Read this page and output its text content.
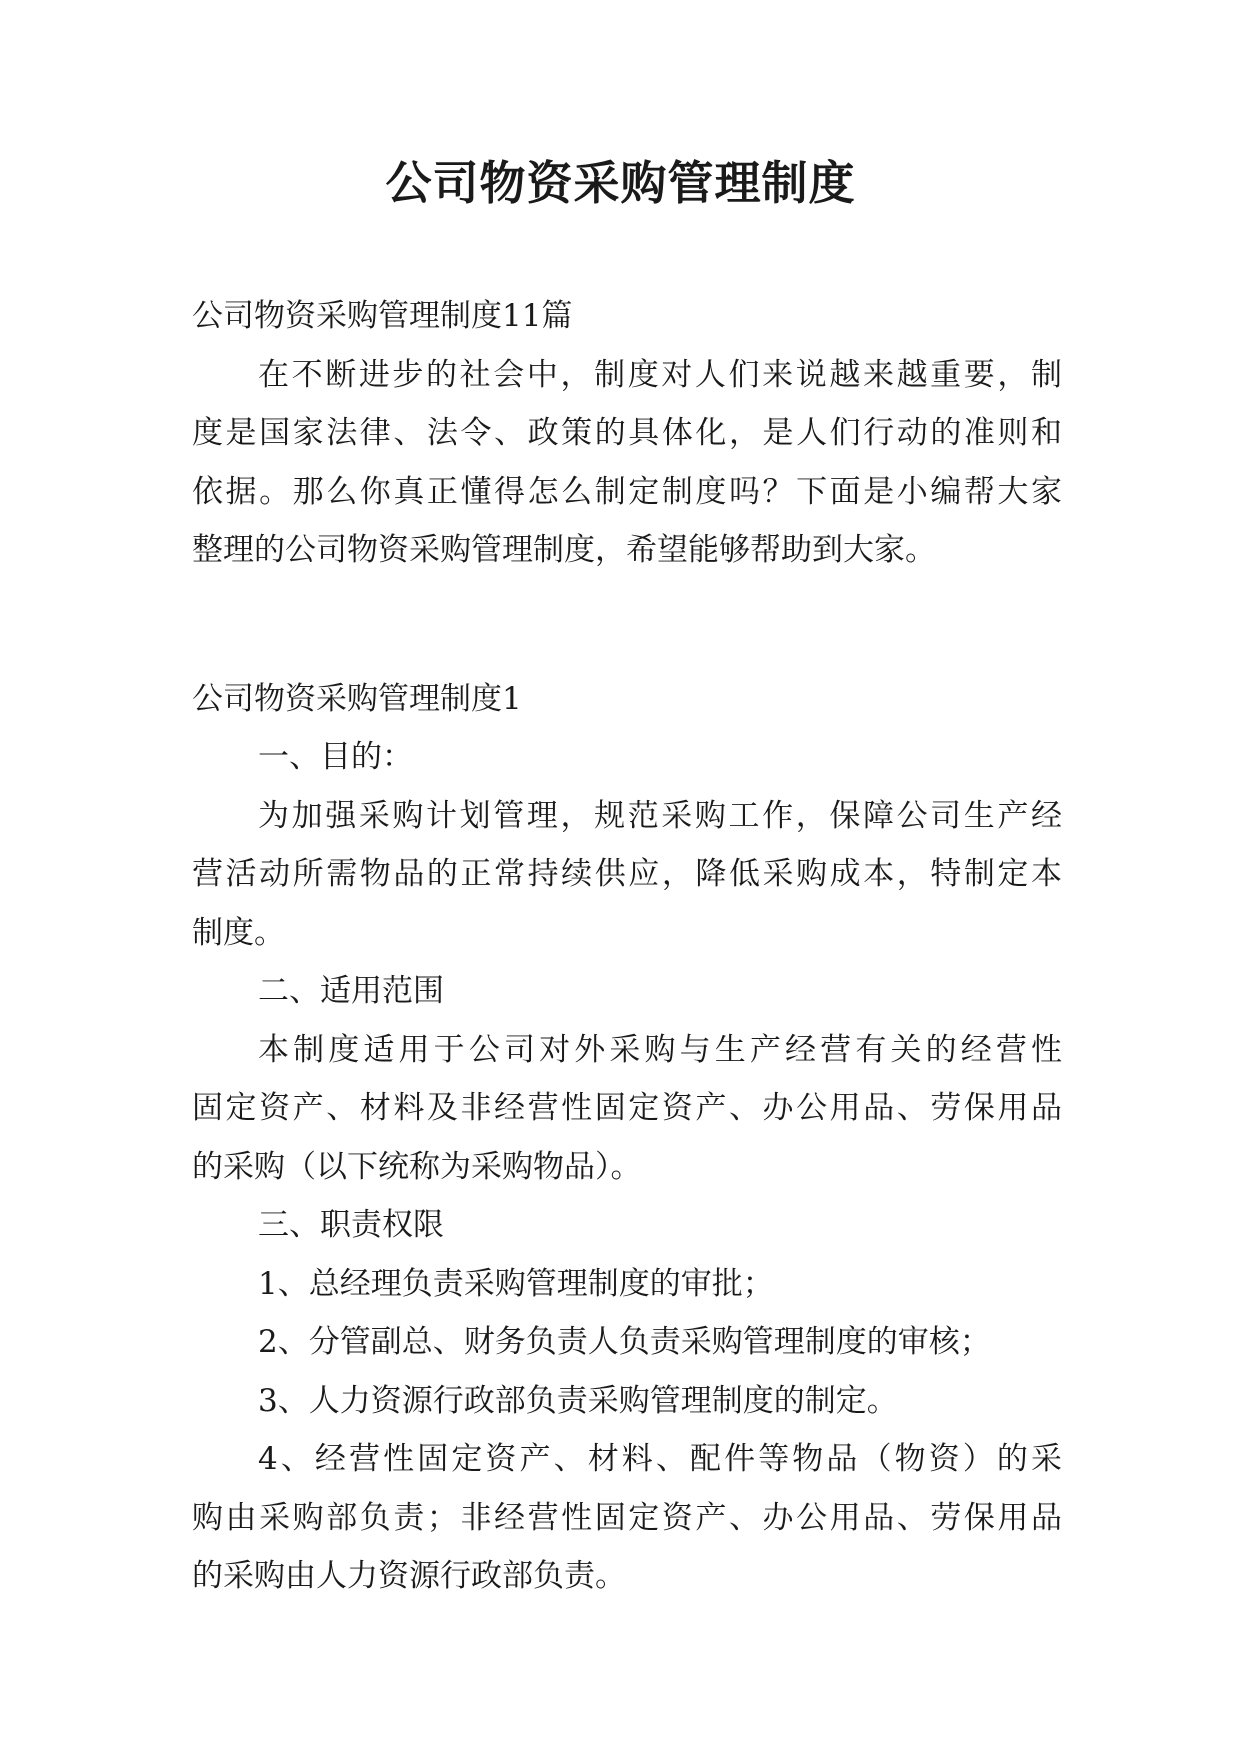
公司物资采购管理制度

公司物资采购管理制度11篇

在不断进步的社会中，制度对人们来说越来越重要，制

度是国家法律、法令、政策的具体化，是人们行动的准则和

依据。那么你真正懂得怎么制定制度吗？下面是小编帮大家

整理的公司物资采购管理制度，希望能够帮助到大家。

公司物资采购管理制度1

一、目的：

为加强采购计划管理，规范采购工作，保障公司生产经

营活动所需物品的正常持续供应，降低采购成本，特制定本

制度。

二、适用范围

本制度适用于公司对外采购与生产经营有关的经营性

固定资产、材料及非经营性固定资产、办公用品、劳保用品

的采购（以下统称为采购物品）。

三、职责权限

1、总经理负责采购管理制度的审批；

2、分管副总、财务负责人负责采购管理制度的审核；

3、人力资源行政部负责采购管理制度的制定。

4、经营性固定资产、材料、配件等物品（物资）的采

购由采购部负责；非经营性固定资产、办公用品、劳保用品

的采购由人力资源行政部负责。
